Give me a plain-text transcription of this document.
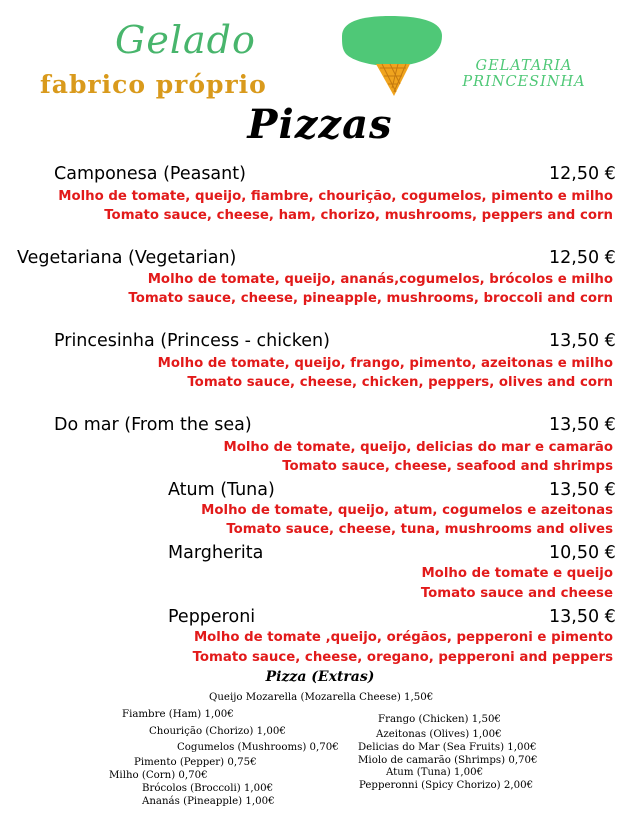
Gelado
fabrico próprio
GELATARIA
PRINCESINHA
Pizzas
Camponesa (Peasant)	12,50 €
Molho de tomate, queijo, fiambre, chouriçãо, cogumelos, pimento e milho
Tomato sauce, cheese, ham, chorizo, mushrooms, peppers and corn
Vegetariana (Vegetarian)	12,50 €
Molho de tomate, queijo, ananás,cogumelos, brócolos e milho
Tomato sauce, cheese, pineapple, mushrooms, broccoli and corn
Princesinha (Princess - chicken)	13,50 €
Molho de tomate, queijo, frango, pimento, azeitonas e milho
Tomato sauce, cheese, chicken, peppers, olives and corn
Do mar (From the sea)	13,50 €
Molho de tomate, queijo, delicias do mar e camarão
Tomato sauce, cheese, seafood and shrimps
Atum (Tuna)	13,50 €
Molho de tomate, queijo, atum, cogumelos e azeitonas
Tomato sauce, cheese, tuna, mushrooms and olives
Margherita	10,50 €
Molho de tomate e queijo
Tomato sauce and cheese
Pepperoni	13,50 €
Molho de tomate ,queijo, orégãos, pepperoni e pimento
Tomato sauce, cheese, oregano, pepperoni and peppers
Pizza (Extras)
Queijo Mozarella (Mozarella Cheese) 1,50€
Fiambre (Ham) 1,00€
Chouriçãо (Chorizo) 1,00€
Cogumelos (Mushrooms) 0,70€
Pimento (Pepper) 0,75€
Milho (Corn) 0,70€
Brócolos (Broccoli) 1,00€
Ananás (Pineapple) 1,00€
Frango (Chicken) 1,50€
Azeitonas (Olives) 1,00€
Delicias do Mar (Sea Fruits) 1,00€
Miolo de camarão (Shrimps) 0,70€
Atum (Tuna) 1,00€
Pepperonni (Spicy Chorizo) 2,00€
